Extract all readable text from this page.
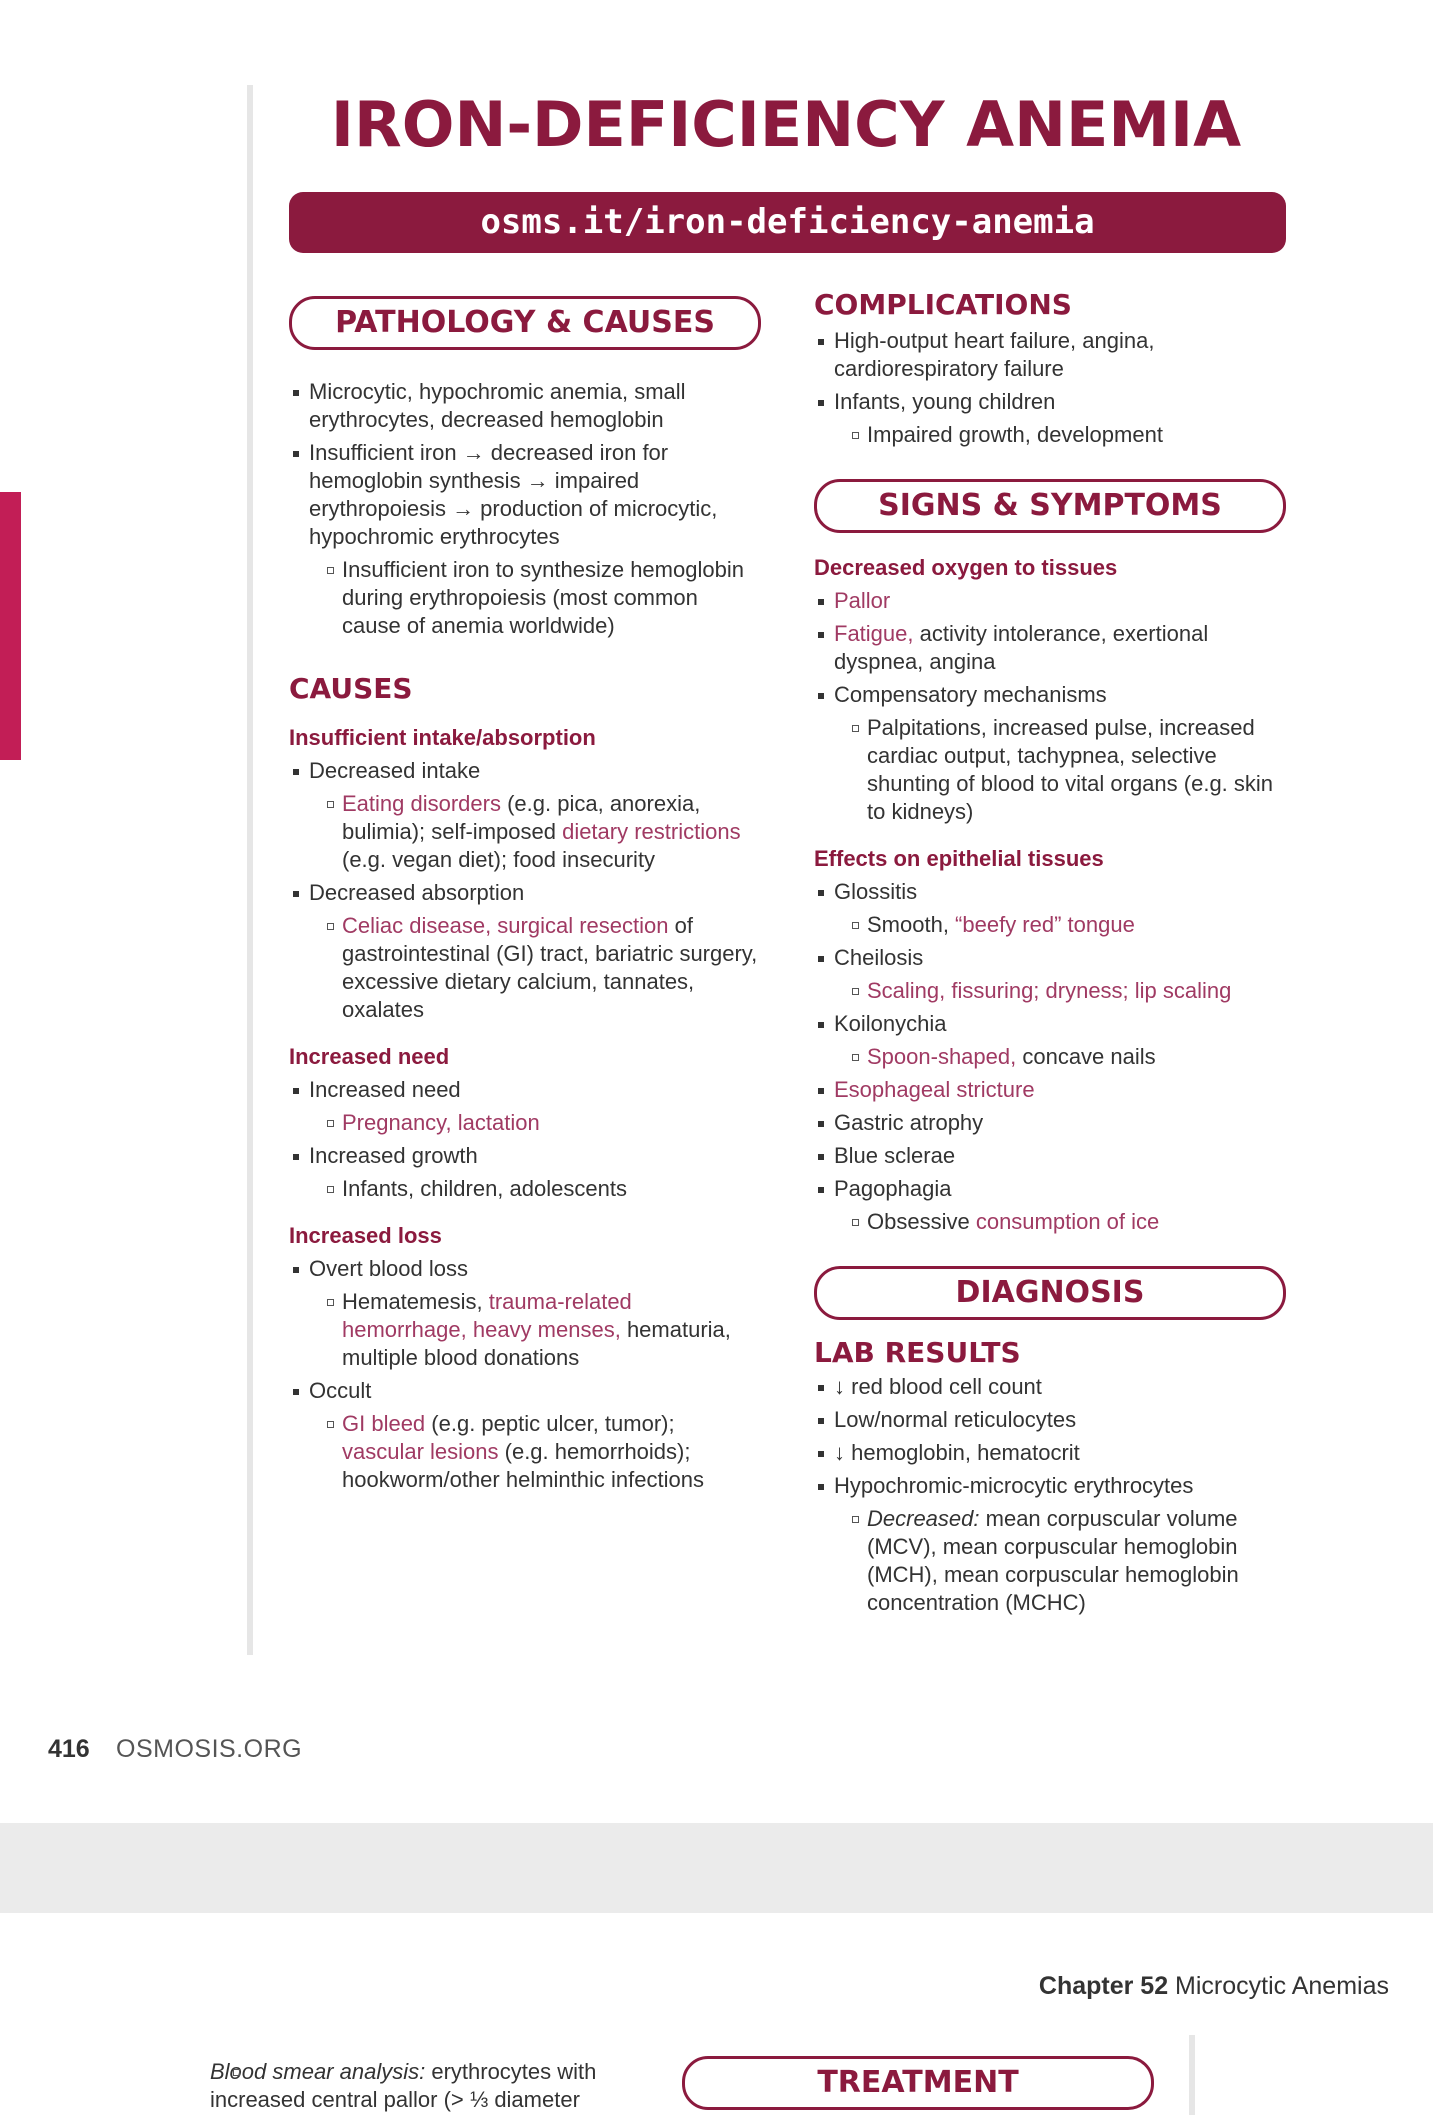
IRON-DEFICIENCY ANEMIA
osms.it/iron-deficiency-anemia
PATHOLOGY & CAUSES
Microcytic, hypochromic anemia, small erythrocytes, decreased hemoglobin
Insufficient iron → decreased iron for hemoglobin synthesis → impaired erythropoiesis → production of microcytic, hypochromic erythrocytes
Insufficient iron to synthesize hemoglobin during erythropoiesis (most common cause of anemia worldwide)
CAUSES
Insufficient intake/absorption
Decreased intake
Eating disorders (e.g. pica, anorexia, bulimia); self-imposed dietary restrictions (e.g. vegan diet); food insecurity
Decreased absorption
Celiac disease, surgical resection of gastrointestinal (GI) tract, bariatric surgery, excessive dietary calcium, tannates, oxalates
Increased need
Increased need
Pregnancy, lactation
Increased growth
Infants, children, adolescents
Increased loss
Overt blood loss
Hematemesis, trauma-related hemorrhage, heavy menses, hematuria, multiple blood donations
Occult
GI bleed (e.g. peptic ulcer, tumor); vascular lesions (e.g. hemorrhoids); hookworm/other helminthic infections
COMPLICATIONS
High-output heart failure, angina, cardiorespiratory failure
Infants, young children
Impaired growth, development
SIGNS & SYMPTOMS
Decreased oxygen to tissues
Pallor
Fatigue, activity intolerance, exertional dyspnea, angina
Compensatory mechanisms
Palpitations, increased pulse, increased cardiac output, tachypnea, selective shunting of blood to vital organs (e.g. skin to kidneys)
Effects on epithelial tissues
Glossitis
Smooth, “beefy red” tongue
Cheilosis
Scaling, fissuring; dryness; lip scaling
Koilonychia
Spoon-shaped, concave nails
Esophageal stricture
Gastric atrophy
Blue sclerae
Pagophagia
Obsessive consumption of ice
DIAGNOSIS
LAB RESULTS
↓ red blood cell count
Low/normal reticulocytes
↓ hemoglobin, hematocrit
Hypochromic-microcytic erythrocytes
Decreased: mean corpuscular volume (MCV), mean corpuscular hemoglobin (MCH), mean corpuscular hemoglobin concentration (MCHC)
416 OSMOSIS.ORG
Chapter 52 Microcytic Anemias
Blood smear analysis: erythrocytes with increased central pallor (> ⅓ diameter	TREATMENT
